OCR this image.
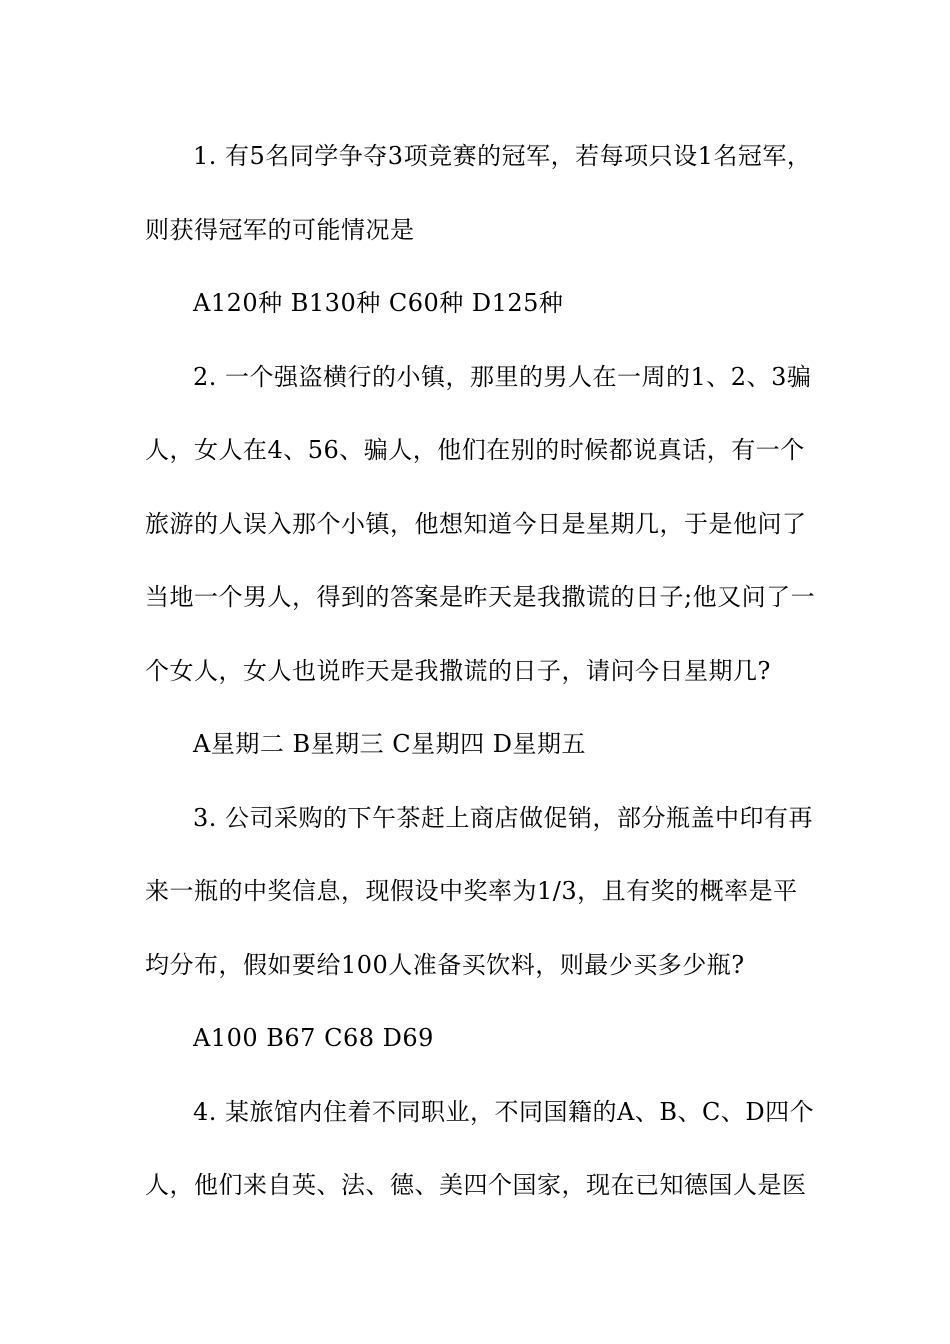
1. 有5名同学争夺3项竞赛的冠军，若每项只设1名冠军，
则获得冠军的可能情况是
A120种 B130种 C60种 D125种
2. 一个强盗横行的小镇，那里的男人在一周的1、2、3骗
人，女人在4、56、骗人，他们在别的时候都说真话，有一个
旅游的人误入那个小镇，他想知道今日是星期几，于是他问了
当地一个男人，得到的答案是昨天是我撒谎的日子;他又问了一
个女人，女人也说昨天是我撒谎的日子，请问今日星期几?
A星期二 B星期三 C星期四 D星期五
3. 公司采购的下午茶赶上商店做促销，部分瓶盖中印有再
来一瓶的中奖信息，现假设中奖率为1/3，且有奖的概率是平
均分布，假如要给100人准备买饮料，则最少买多少瓶?
A100 B67 C68 D69
4. 某旅馆内住着不同职业，不同国籍的A、B、C、D四个
人，他们来自英、法、德、美四个国家，现在已知德国人是医
